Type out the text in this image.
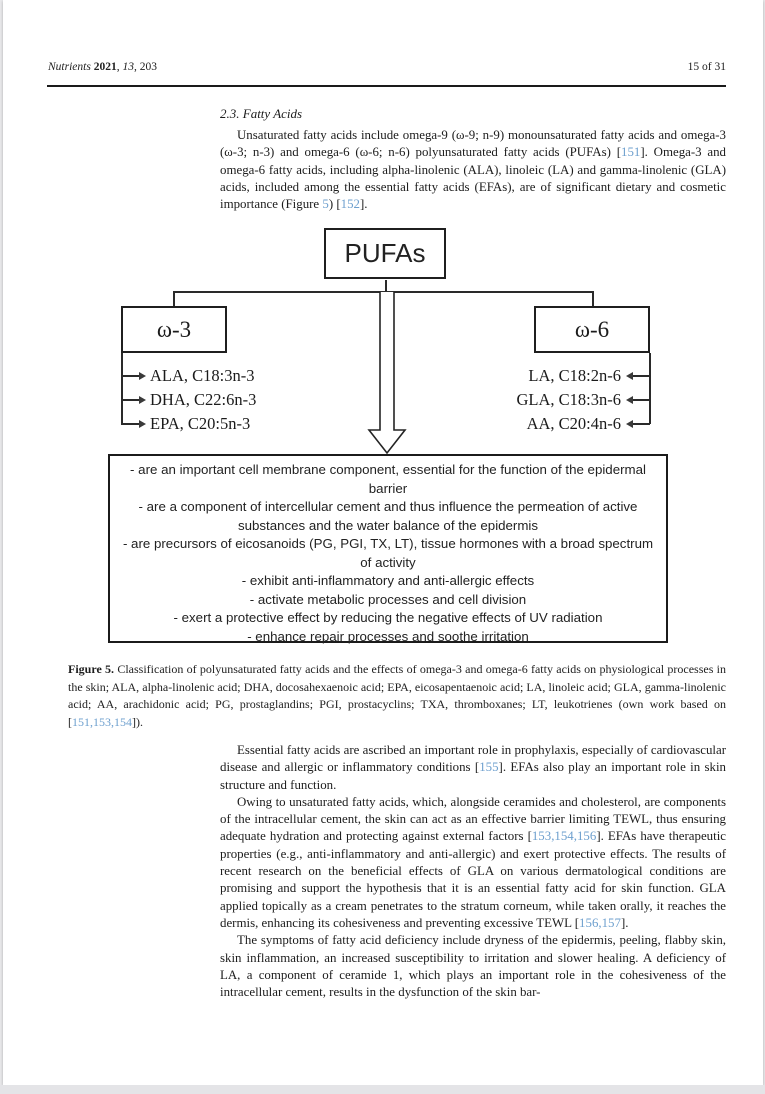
Nutrients 2021, 13, 203	15 of 31
2.3. Fatty Acids

Unsaturated fatty acids include omega-9 (ω-9; n-9) monounsaturated fatty acids and omega-3 (ω-3; n-3) and omega-6 (ω-6; n-6) polyunsaturated fatty acids (PUFAs) [151]. Omega-3 and omega-6 fatty acids, including alpha-linolenic (ALA), linoleic (LA) and gamma-linolenic (GLA) acids, included among the essential fatty acids (EFAs), are of significant dietary and cosmetic importance (Figure 5) [152].

PUFAs
ω-3	ω-6
ALA, C18:3n-3
DHA, C22:6n-3
EPA, C20:5n-3
LA, C18:2n-6
GLA, C18:3n-6
AA, C20:4n-6
- are an important cell membrane component, essential for the function of the epidermal barrier
- are a component of intercellular cement and thus influence the permeation of active substances and the water balance of the epidermis
- are precursors of eicosanoids (PG, PGI, TX, LT), tissue hormones with a broad spectrum of activity
- exhibit anti-inflammatory and anti-allergic effects
- activate metabolic processes and cell division
- exert a protective effect by reducing the negative effects of UV radiation
- enhance repair processes and soothe irritation

Figure 5. Classification of polyunsaturated fatty acids and the effects of omega-3 and omega-6 fatty acids on physiological processes in the skin; ALA, alpha-linolenic acid; DHA, docosahexaenoic acid; EPA, eicosapentaenoic acid; LA, linoleic acid; GLA, gamma-linolenic acid; AA, arachidonic acid; PG, prostaglandins; PGI, prostacyclins; TXA, thromboxanes; LT, leukotrienes (own work based on [151,153,154]).

Essential fatty acids are ascribed an important role in prophylaxis, especially of cardiovascular disease and allergic or inflammatory conditions [155]. EFAs also play an important role in skin structure and function.

Owing to unsaturated fatty acids, which, alongside ceramides and cholesterol, are components of the intracellular cement, the skin can act as an effective barrier limiting TEWL, thus ensuring adequate hydration and protecting against external factors [153,154,156]. EFAs have therapeutic properties (e.g., anti-inflammatory and anti-allergic) and exert protective effects. The results of recent research on the beneficial effects of GLA on various dermatological conditions are promising and support the hypothesis that it is an essential fatty acid for skin function. GLA applied topically as a cream penetrates to the stratum corneum, while taken orally, it reaches the dermis, enhancing its cohesiveness and preventing excessive TEWL [156,157].

The symptoms of fatty acid deficiency include dryness of the epidermis, peeling, flabby skin, skin inflammation, an increased susceptibility to irritation and slower healing. A deficiency of LA, a component of ceramide 1, which plays an important role in the cohesiveness of the intracellular cement, results in the dysfunction of the skin bar-
